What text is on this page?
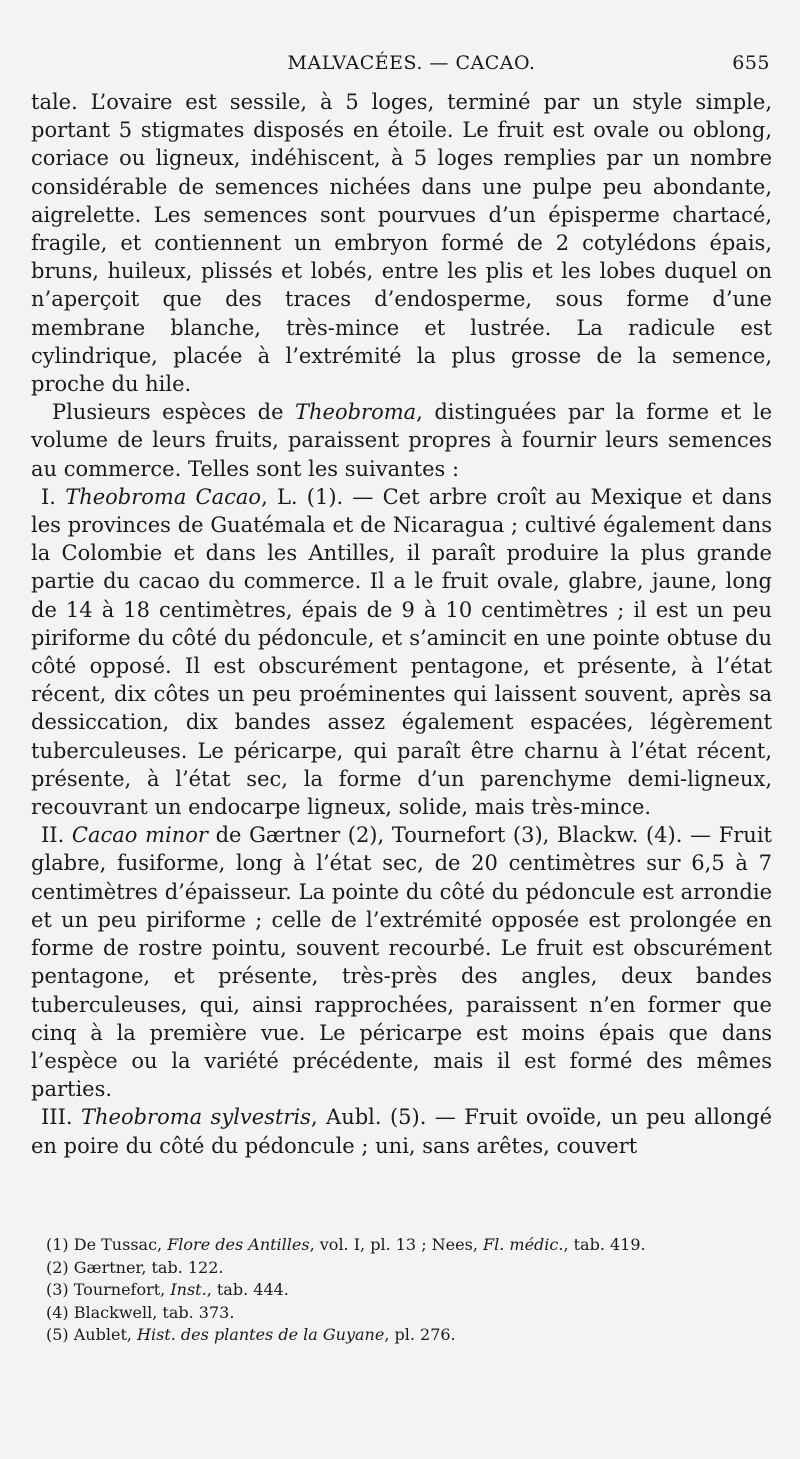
MALVACÉES. — CACAO.	655

tale. L’ovaire est sessile, à 5 loges, terminé par un style simple, portant 5 stigmates disposés en étoile. Le fruit est ovale ou oblong, coriace ou ligneux, indéhiscent, à 5 loges remplies par un nombre considérable de semences nichées dans une pulpe peu abondante, aigrelette. Les semences sont pourvues d’un épisperme chartacé, fragile, et contiennent un embryon formé de 2 cotylédons épais, bruns, huileux, plissés et lobés, entre les plis et les lobes duquel on n’aperçoit que des traces d’endosperme, sous forme d’une membrane blanche, très-mince et lustrée. La radicule est cylindrique, placée à l’extrémité la plus grosse de la semence, proche du hile.

Plusieurs espèces de Theobroma, distinguées par la forme et le volume de leurs fruits, paraissent propres à fournir leurs semences au commerce. Telles sont les suivantes :

I. Theobroma Cacao, L. (1). — Cet arbre croît au Mexique et dans les provinces de Guatémala et de Nicaragua ; cultivé également dans la Colombie et dans les Antilles, il paraît produire la plus grande partie du cacao du commerce. Il a le fruit ovale, glabre, jaune, long de 14 à 18 centimètres, épais de 9 à 10 centimètres ; il est un peu piriforme du côté du pédoncule, et s’amincit en une pointe obtuse du côté opposé. Il est obscurément pentagone, et présente, à l’état récent, dix côtes un peu proéminentes qui laissent souvent, après sa dessiccation, dix bandes assez également espacées, légèrement tuberculeuses. Le péricarpe, qui paraît être charnu à l’état récent, présente, à l’état sec, la forme d’un parenchyme demi-ligneux, recouvrant un endocarpe ligneux, solide, mais très-mince.

II. Cacao minor de Gærtner (2), Tournefort (3), Blackw. (4). — Fruit glabre, fusiforme, long à l’état sec, de 20 centimètres sur 6,5 à 7 centimètres d’épaisseur. La pointe du côté du pédoncule est arrondie et un peu piriforme ; celle de l’extrémité opposée est prolongée en forme de rostre pointu, souvent recourbé. Le fruit est obscurément pentagone, et présente, très-près des angles, deux bandes tuberculeuses, qui, ainsi rapprochées, paraissent n’en former que cinq à la première vue. Le péricarpe est moins épais que dans l’espèce ou la variété précédente, mais il est formé des mêmes parties.

III. Theobroma sylvestris, Aubl. (5). — Fruit ovoïde, un peu allongé en poire du côté du pédoncule ; uni, sans arêtes, couvert

(1) De Tussac, Flore des Antilles, vol. I, pl. 13 ; Nees, Fl. médic., tab. 419.
(2) Gærtner, tab. 122.
(3) Tournefort, Inst., tab. 444.
(4) Blackwell, tab. 373.
(5) Aublet, Hist. des plantes de la Guyane, pl. 276.
